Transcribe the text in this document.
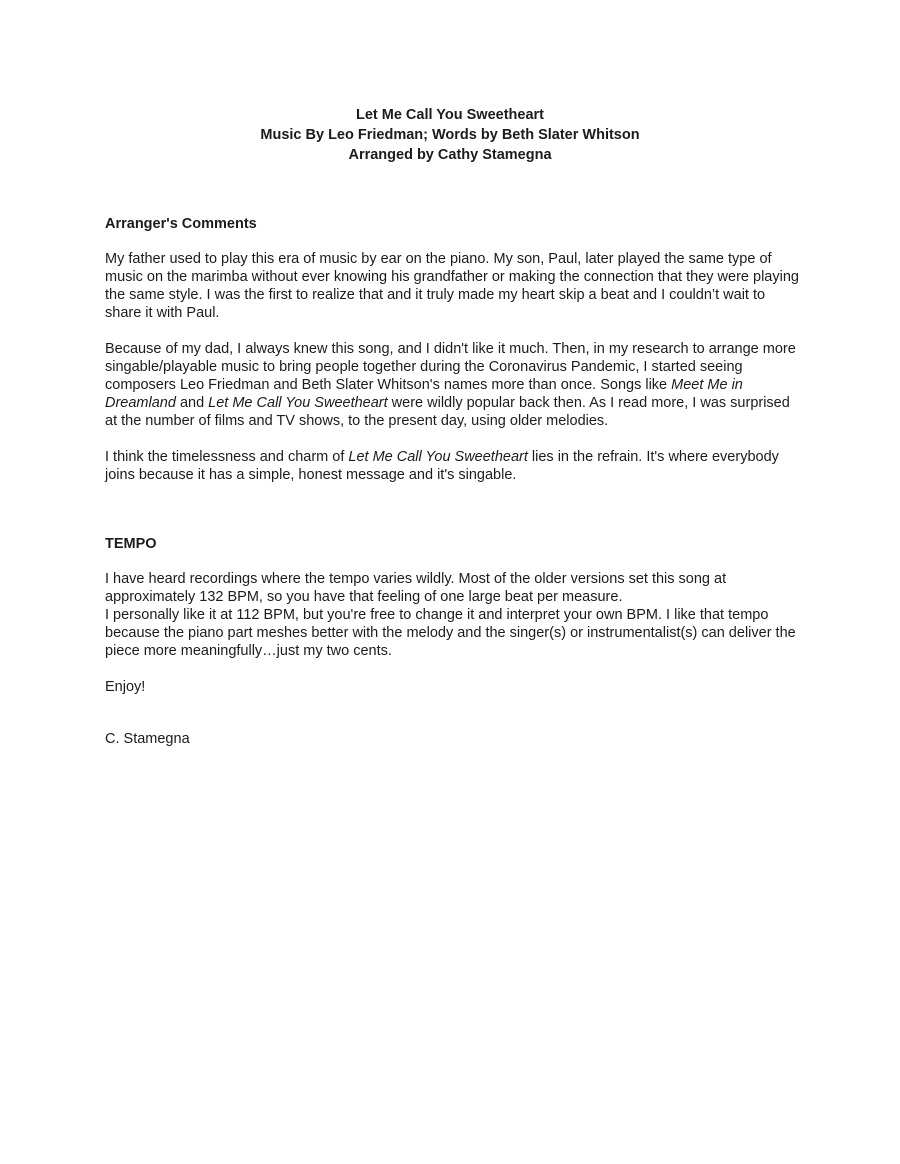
Let Me Call You Sweetheart
Music By Leo Friedman; Words by Beth Slater Whitson
Arranged by Cathy Stamegna
Arranger's Comments

My father used to play this era of music by ear on the piano. My son, Paul, later played the same type of music on the marimba without ever knowing his grandfather or making the connection that they were playing the same style. I was the first to realize that and it truly made my heart skip a beat and I couldn’t wait to share it with Paul.

Because of my dad, I always knew this song, and I didn't like it much. Then, in my research to arrange more singable/playable music to bring people together during the Coronavirus Pandemic, I started seeing composers Leo Friedman and Beth Slater Whitson's names more than once. Songs like Meet Me in Dreamland and Let Me Call You Sweetheart were wildly popular back then. As I read more, I was surprised at the number of films and TV shows, to the present day, using older melodies.

I think the timelessness and charm of Let Me Call You Sweetheart lies in the refrain. It's where everybody joins because it has a simple, honest message and it's singable.

TEMPO

I have heard recordings where the tempo varies wildly. Most of the older versions set this song at approximately 132 BPM, so you have that feeling of one large beat per measure.
I personally like it at 112 BPM, but you're free to change it and interpret your own BPM. I like that tempo because the piano part meshes better with the melody and the singer(s) or instrumentalist(s) can deliver the piece more meaningfully…just my two cents.

Enjoy!

C. Stamegna
